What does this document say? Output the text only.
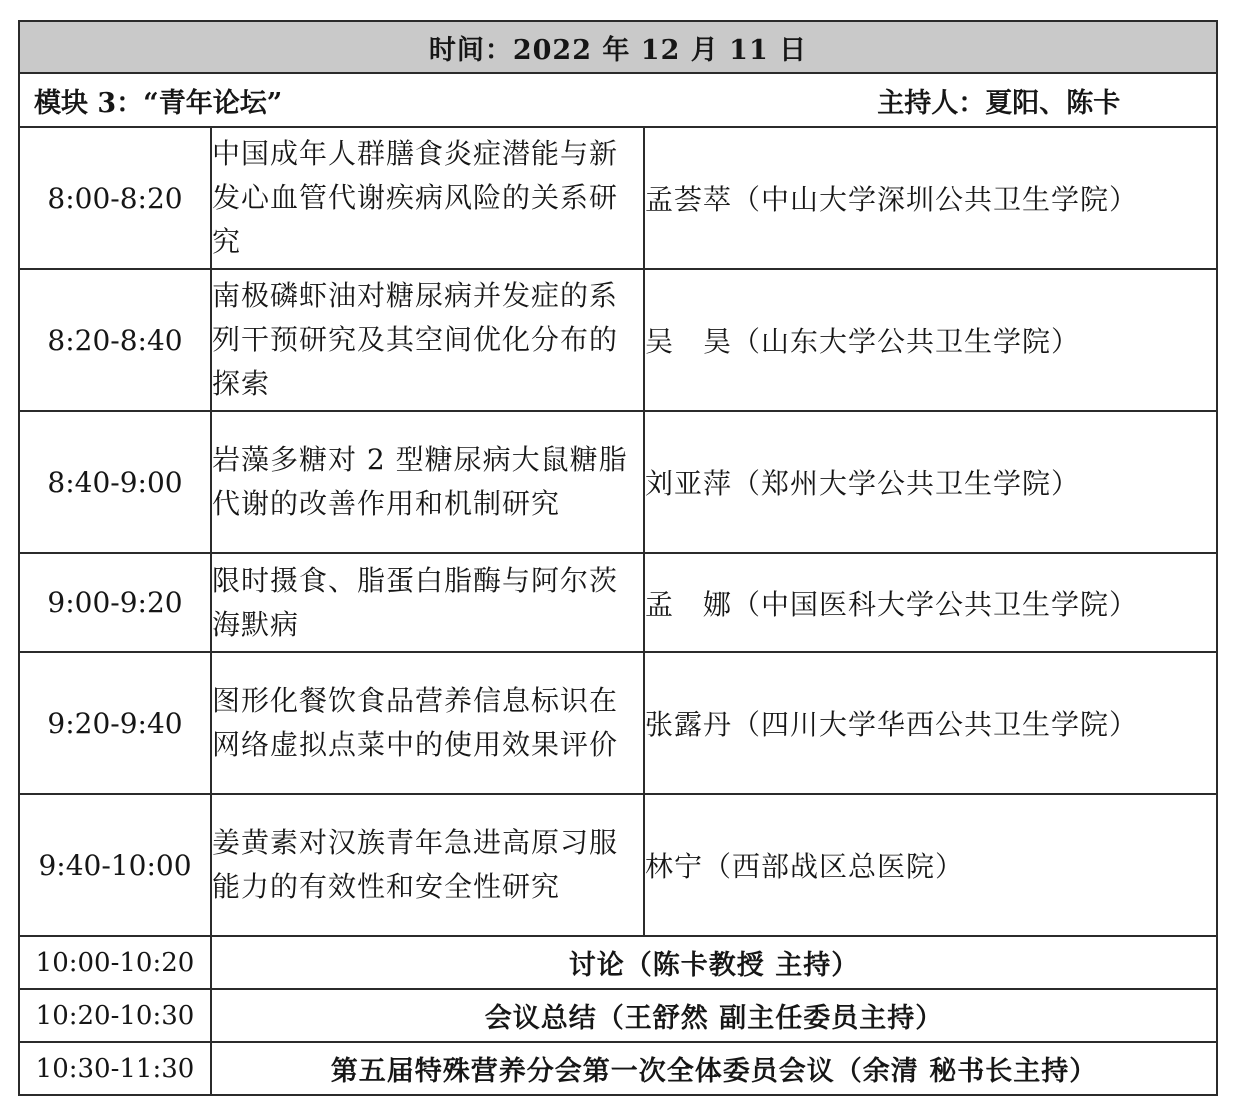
时间：2022 年 12 月 11 日		
模块 3：“青年论坛” 主持人：夏阳、陈卡		
8:00-8:20	中国成年人群膳食炎症潜能与新发心血管代谢疾病风险的关系研究	孟荟萃（中山大学深圳公共卫生学院）
8:20-8:40	南极磷虾油对糖尿病并发症的系列干预研究及其空间优化分布的探索	吴　昊（山东大学公共卫生学院）
8:40-9:00	岩藻多糖对 2 型糖尿病大鼠糖脂代谢的改善作用和机制研究	刘亚萍（郑州大学公共卫生学院）
9:00-9:20	限时摄食、脂蛋白脂酶与阿尔茨海默病	孟　娜（中国医科大学公共卫生学院）
9:20-9:40	图形化餐饮食品营养信息标识在网络虚拟点菜中的使用效果评价	张露丹（四川大学华西公共卫生学院）
9:40-10:00	姜黄素对汉族青年急进高原习服能力的有效性和安全性研究	林宁（西部战区总医院）
10:00-10:20	讨论（陈卡教授 主持）	
10:20-10:30	会议总结（王舒然 副主任委员主持）	
10:30-11:30	第五届特殊营养分会第一次全体委员会议（余清 秘书长主持）	
